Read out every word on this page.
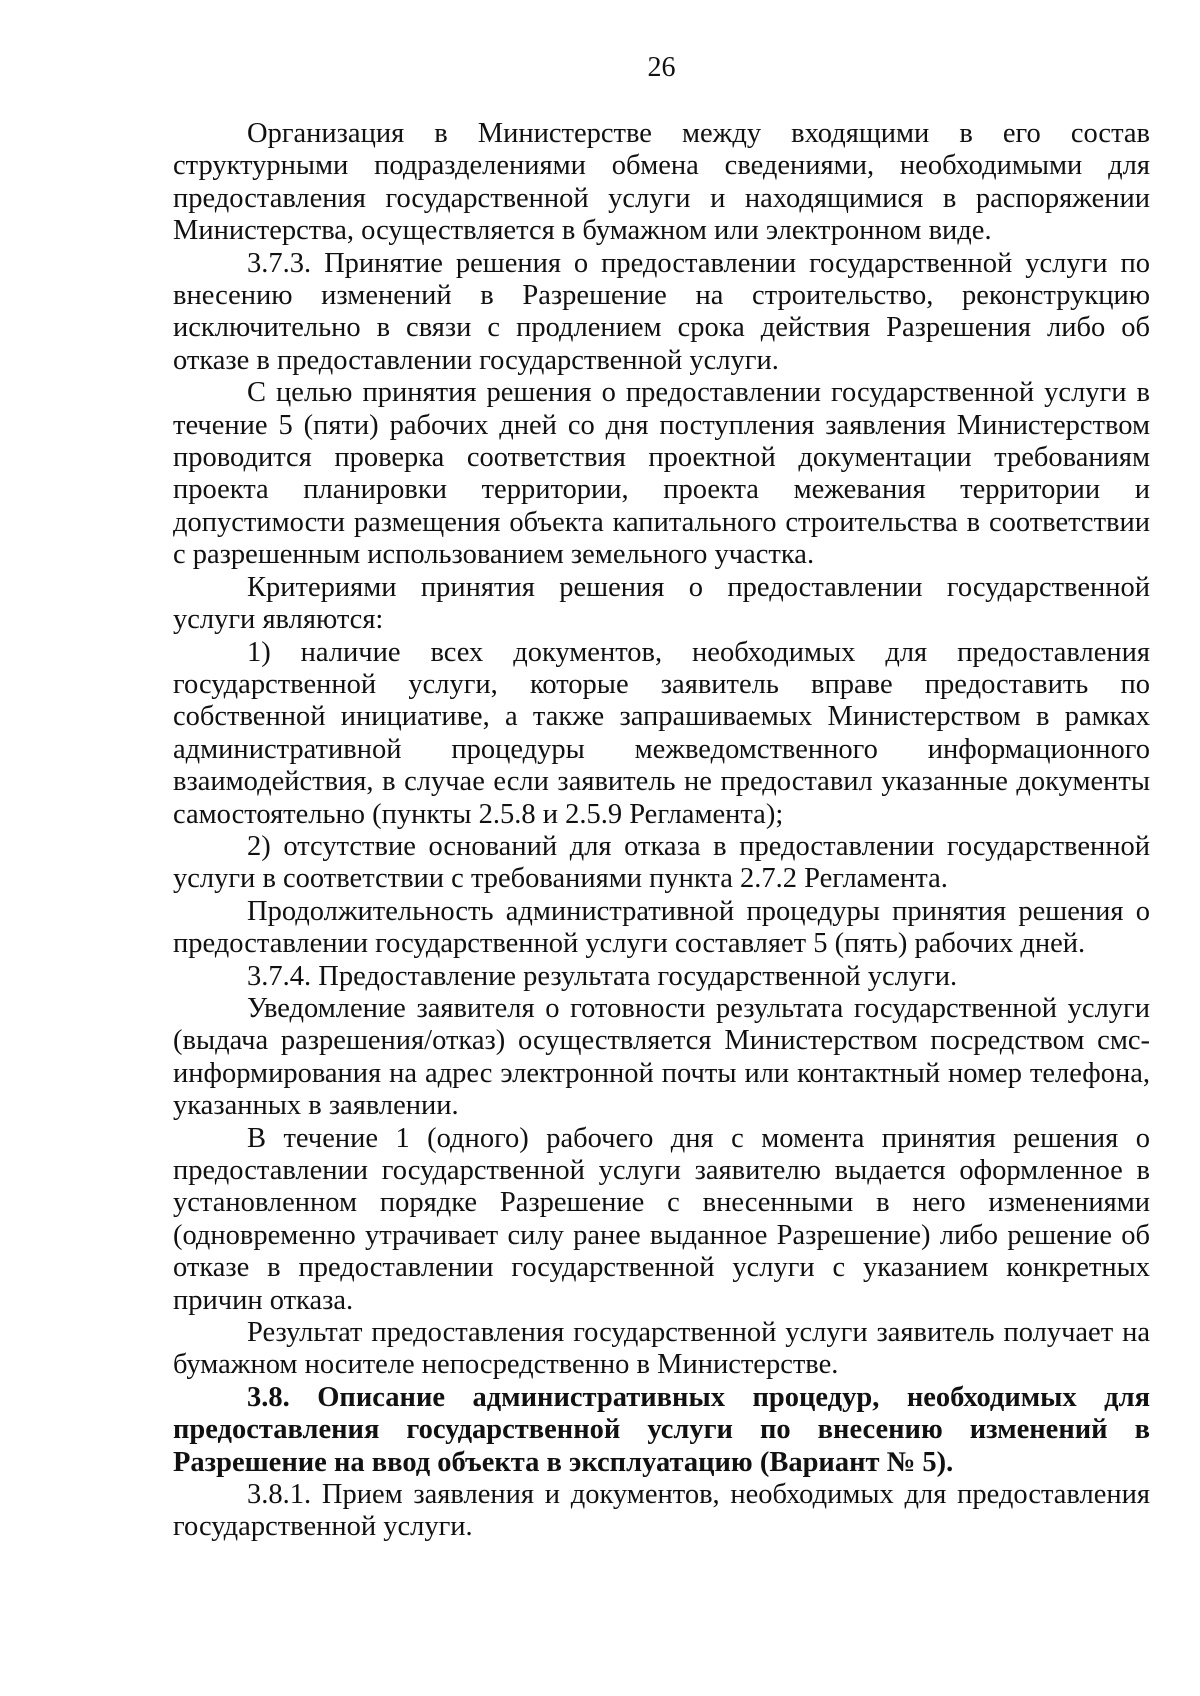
26

Организация в Министерстве между входящими в его состав структурными подразделениями обмена сведениями, необходимыми для предоставления государственной услуги и находящимися в распоряжении Министерства, осуществляется в бумажном или электронном виде.

3.7.3. Принятие решения о предоставлении государственной услуги по внесению изменений в Разрешение на строительство, реконструкцию исключительно в связи с продлением срока действия Разрешения либо об отказе в предоставлении государственной услуги.

С целью принятия решения о предоставлении государственной услуги в течение 5 (пяти) рабочих дней со дня поступления заявления Министерством проводится проверка соответствия проектной документации требованиям проекта планировки территории, проекта межевания территории и допустимости размещения объекта капитального строительства в соответствии с разрешенным использованием земельного участка.

Критериями принятия решения о предоставлении государственной услуги являются:

1) наличие всех документов, необходимых для предоставления государственной услуги, которые заявитель вправе предоставить по собственной инициативе, а также запрашиваемых Министерством в рамках административной процедуры межведомственного информационного взаимодействия, в случае если заявитель не предоставил указанные документы самостоятельно (пункты 2.5.8 и 2.5.9 Регламента);

2) отсутствие оснований для отказа в предоставлении государственной услуги в соответствии с требованиями пункта 2.7.2 Регламента.

Продолжительность административной процедуры принятия решения о предоставлении государственной услуги составляет 5 (пять) рабочих дней.

3.7.4. Предоставление результата государственной услуги.

Уведомление заявителя о готовности результата государственной услуги (выдача разрешения/отказ) осуществляется Министерством посредством смс-информирования на адрес электронной почты или контактный номер телефона, указанных в заявлении.

В течение 1 (одного) рабочего дня с момента принятия решения о предоставлении государственной услуги заявителю выдается оформленное в установленном порядке Разрешение с внесенными в него изменениями (одновременно утрачивает силу ранее выданное Разрешение) либо решение об отказе в предоставлении государственной услуги с указанием конкретных причин отказа.

Результат предоставления государственной услуги заявитель получает на бумажном носителе непосредственно в Министерстве.

3.8. Описание административных процедур, необходимых для предоставления государственной услуги по внесению изменений в Разрешение на ввод объекта в эксплуатацию (Вариант № 5).

3.8.1. Прием заявления и документов, необходимых для предоставления государственной услуги.
